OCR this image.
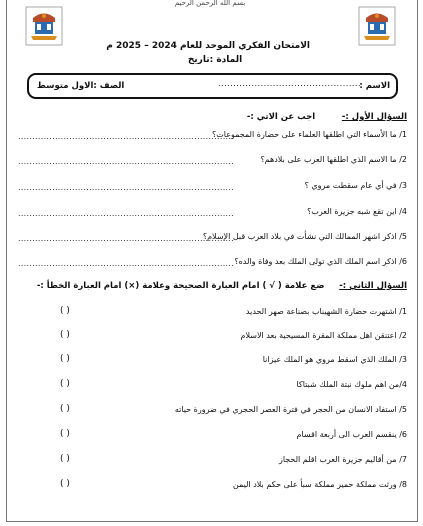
بسم الله الرحمن الرحيم
الامتحان الفكري الموحد للعام 2024 – 2025 م
المادة :تاريخ
الاسم :
...............................................
الصف :الاول متوسط
السؤال الأول :-         اجب عن الاتي :-
1/ ما الأسماء التي اطلقها العلماء على حضارة المجموعات؟
............................................................................
2/ ما الاسم الذي اطلقها العرب على بلادهم؟
............................................................................
3/ في أي عام سقطت مروي ؟
............................................................................
4/ اين تقع شبه جزيرة العرب؟
............................................................................
5/ اذكر اشهر الممالك التي نشأت في بلاد العرب قبل الإسلام؟
............................................................................
6/ اذكر اسم الملك الذي تولى الملك بعد وفاة والده؟
............................................................................
السؤال الثاني :-     ضع علامة ( √ ) امام العبارة الصحيحة وعلامة (×) امام العبارة الخطأ :-
1/ اشتهرت حضارة الشهيناب بصناعة صهر الحديد
( )
2/ اعتنقن اهل مملكة المقرة المسيحية بعد الاسلام
( )
3/ الملك الذي اسقط مروي هو الملك عيزانا
( )
4/من اهم ملوك نبتة الملك شبتاكا
( )
5/ استفاد الانسان من الحجر في فترة العصر الحجري في ضرورة حياته
( )
6/ ينقسم العرب الى أربعة اقسام
( )
7/ من أقاليم جزيرة العرب اقلم الحجاز
( )
8/ ورثت مملكة حمير مملكة سبأ على حكم بلاد اليمن
( )
